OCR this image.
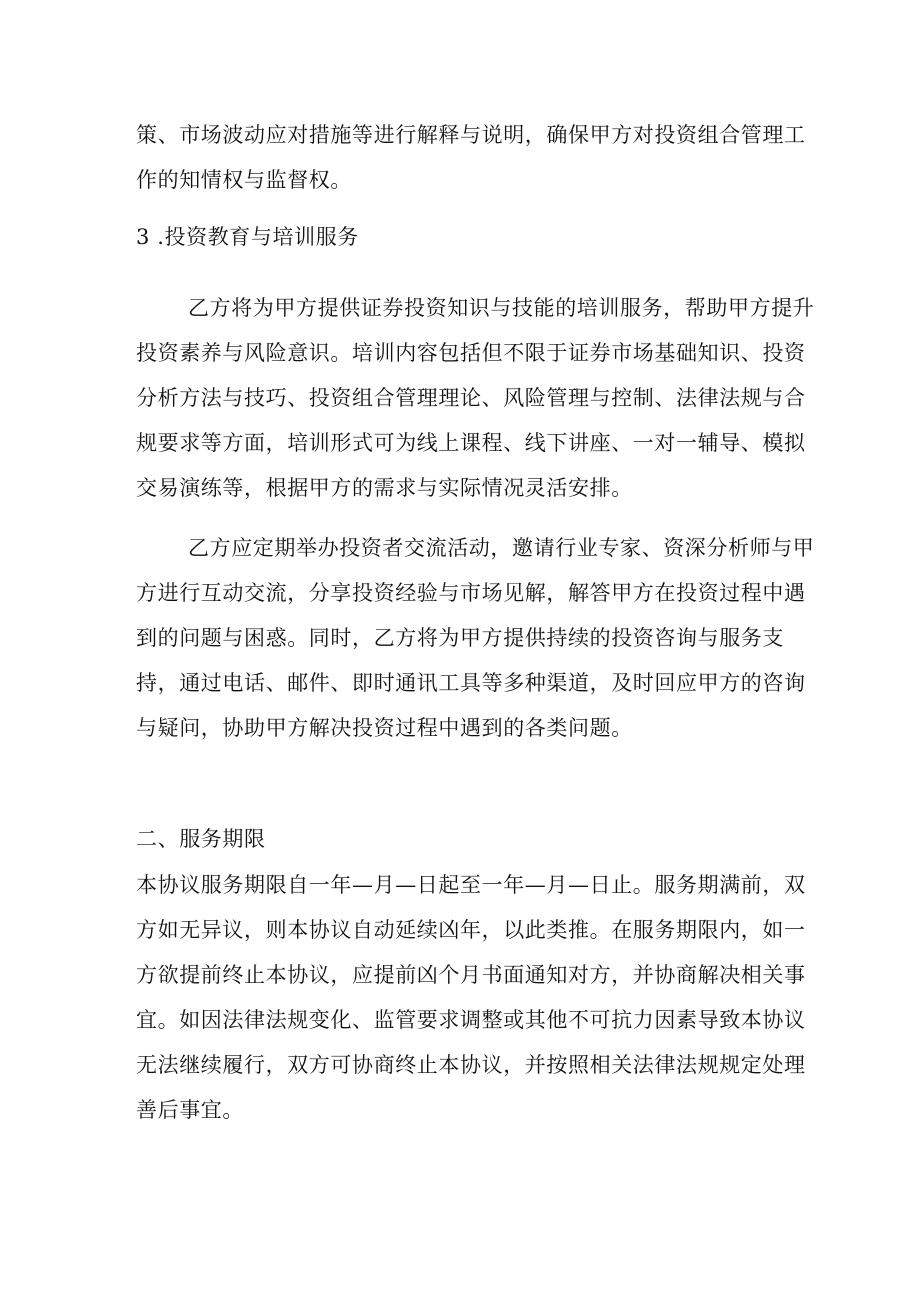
策、市场波动应对措施等进行解释与说明，确保甲方对投资组合管理工
作的知情权与监督权。
3 .投资教育与培训服务
乙方将为甲方提供证券投资知识与技能的培训服务，帮助甲方提升
投资素养与风险意识。培训内容包括但不限于证券市场基础知识、投资
分析方法与技巧、投资组合管理理论、风险管理与控制、法律法规与合
规要求等方面，培训形式可为线上课程、线下讲座、一对一辅导、模拟
交易演练等，根据甲方的需求与实际情况灵活安排。
乙方应定期举办投资者交流活动，邀请行业专家、资深分析师与甲
方进行互动交流，分享投资经验与市场见解，解答甲方在投资过程中遇
到的问题与困惑。同时，乙方将为甲方提供持续的投资咨询与服务支
持，通过电话、邮件、即时通讯工具等多种渠道，及时回应甲方的咨询
与疑问，协助甲方解决投资过程中遇到的各类问题。
二、服务期限
本协议服务期限自一年—月—日起至一年—月—日止。服务期满前，双
方如无异议，则本协议自动延续凶年，以此类推。在服务期限内，如一
方欲提前终止本协议，应提前凶个月书面通知对方，并协商解决相关事
宜。如因法律法规变化、监管要求调整或其他不可抗力因素导致本协议
无法继续履行，双方可协商终止本协议，并按照相关法律法规规定处理
善后事宜。
